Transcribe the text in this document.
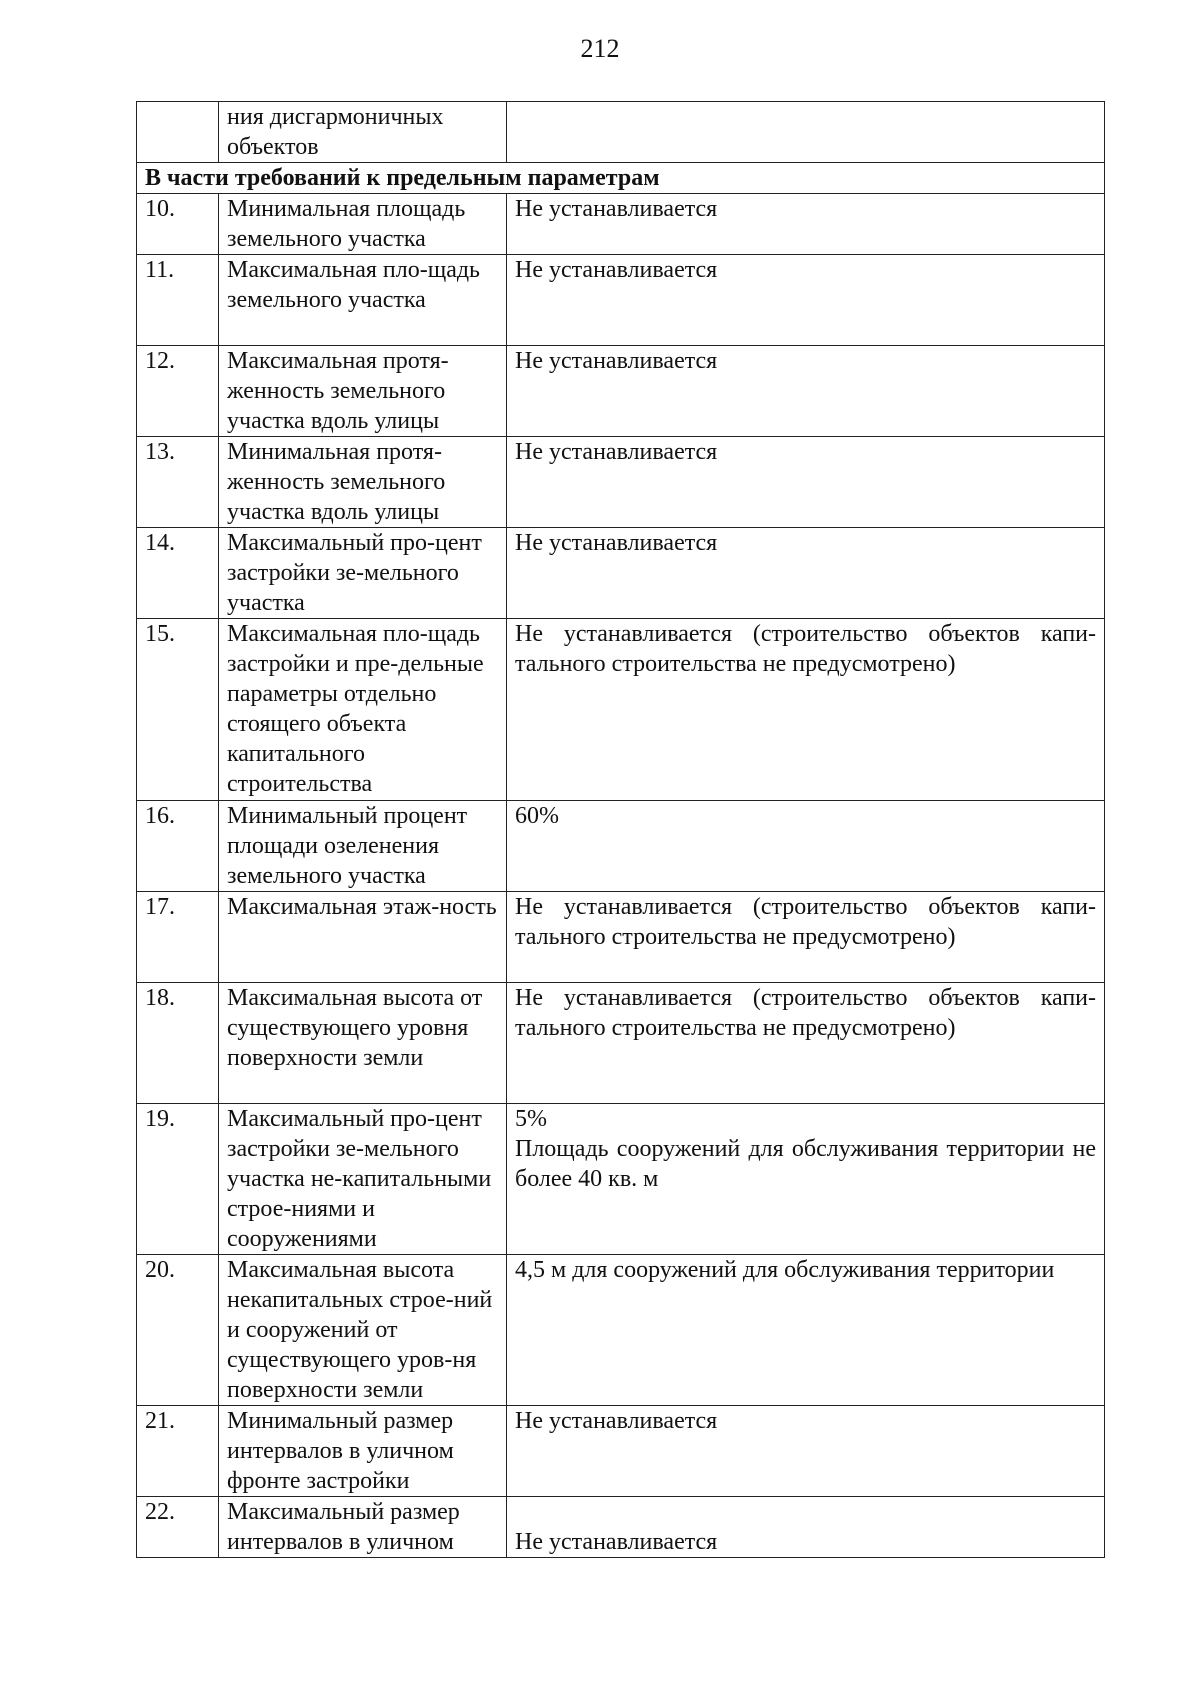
212
	ния дисгармоничных объектов	
В части требований к предельным параметрам		
10.	Минимальная площадь земельного участка	Не устанавливается
11.	Максимальная пло-щадь земельного участка	Не устанавливается
12.	Максимальная протя-женность земельного участка вдоль улицы	Не устанавливается
13.	Минимальная протя-женность земельного участка вдоль улицы	Не устанавливается
14.	Максимальный про-цент застройки зе-мельного участка	Не устанавливается
15.	Максимальная пло-щадь застройки и пре-дельные параметры отдельно стоящего объекта капитального строительства	Не устанавливается (строительство объектов капи-тального строительства не предусмотрено)
16.	Минимальный процент площади озеленения земельного участка	60%
17.	Максимальная этаж-ность	Не устанавливается (строительство объектов капи-тального строительства не предусмотрено)
18.	Максимальная высота от существующего уровня поверхности земли	Не устанавливается (строительство объектов капи-тального строительства не предусмотрено)
19.	Максимальный про-цент застройки зе-мельного участка не-капитальными строе-ниями и сооружениями	5%
Площадь сооружений для обслуживания территории не более 40 кв. м

20.	Максимальная высота некапитальных строе-ний и сооружений от существующего уров-ня поверхности земли	4,5 м для сооружений для обслуживания территории
21.	Минимальный размер интервалов в уличном фронте застройки	Не устанавливается
22.	Максимальный размер интервалов в уличном	Не устанавливается
